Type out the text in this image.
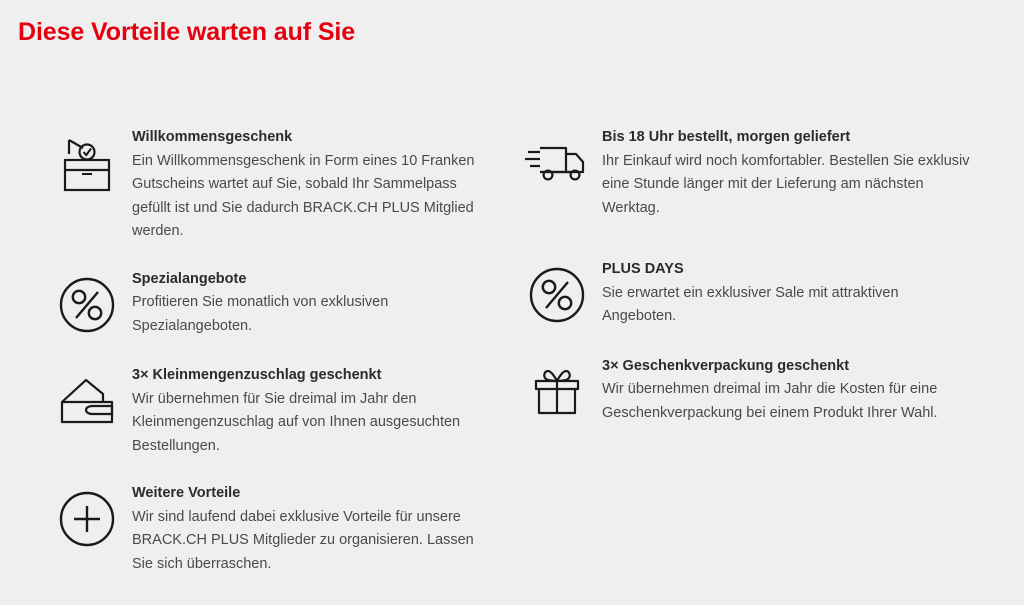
Diese Vorteile warten auf Sie
Willkommensgeschenk
Ein Willkommensgeschenk in Form eines 10 Franken Gutscheins wartet auf Sie, sobald Ihr Sammelpass gefüllt ist und Sie dadurch BRACK.CH PLUS Mitglied werden.
Spezialangebote
Profitieren Sie monatlich von exklusiven Spezialangeboten.
3× Kleinmengenzuschlag geschenkt
Wir übernehmen für Sie dreimal im Jahr den Kleinmengenzuschlag auf von Ihnen ausgesuchten Bestellungen.
Weitere Vorteile
Wir sind laufend dabei exklusive Vorteile für unsere BRACK.CH PLUS Mitglieder zu organisieren. Lassen Sie sich überraschen.
Bis 18 Uhr bestellt, morgen geliefert
Ihr Einkauf wird noch komfortabler. Bestellen Sie exklusiv eine Stunde länger mit der Lieferung am nächsten Werktag.
PLUS DAYS
Sie erwartet ein exklusiver Sale mit attraktiven Angeboten.
3× Geschenkverpackung geschenkt
Wir übernehmen dreimal im Jahr die Kosten für eine Geschenkverpackung bei einem Produkt Ihrer Wahl.
